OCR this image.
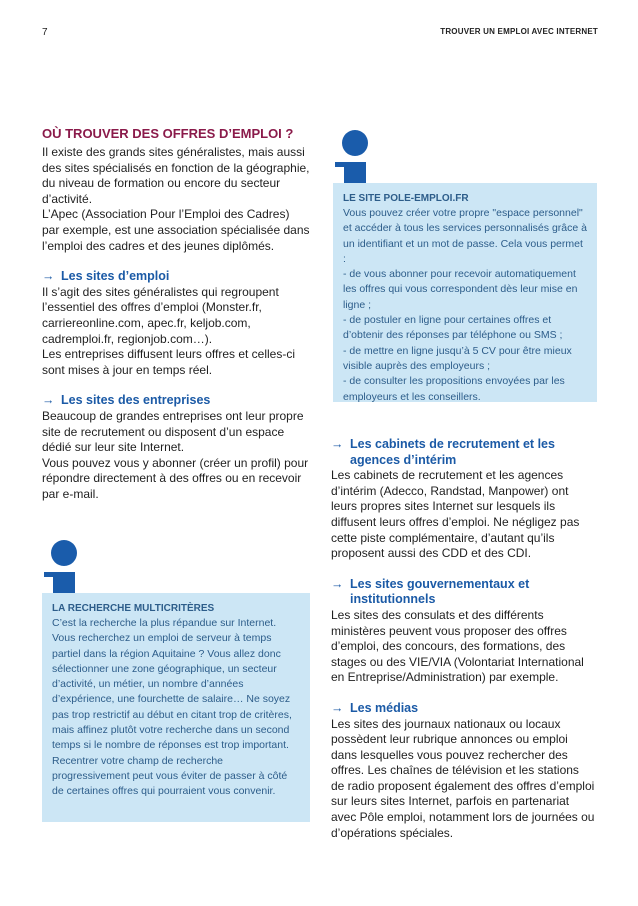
7	TROUVER UN EMPLOI AVEC INTERNET

OÙ TROUVER DES OFFRES D’EMPLOI ?

Il existe des grands sites généralistes, mais aussi des sites spécialisés en fonction de la géographie, du niveau de formation ou encore du secteur d’activité.

L’Apec (Association Pour l’Emploi des Cadres) par exemple, est une association spécialisée dans l’emploi des cadres et des jeunes diplômés.

→ Les sites d’emploi

Il s’agit des sites généralistes qui regroupent l’essentiel des offres d’emploi (Monster.fr, carriereonline.com, apec.fr, keljob.com, cadremploi.fr, regionjob.com…).

Les entreprises diffusent leurs offres et celles-ci sont mises à jour en temps réel.

→ Les sites des entreprises

Beaucoup de grandes entreprises ont leur propre site de recrutement ou disposent d’un espace dédié sur leur site Internet.

Vous pouvez vous y abonner (créer un profil) pour répondre directement à des offres ou en recevoir par e-mail.

LA RECHERCHE MULTICRITÈRES

C’est la recherche la plus répandue sur Internet. Vous recherchez un emploi de serveur à temps partiel dans la région Aquitaine ? Vous allez donc sélectionner une zone géographique, un secteur d’activité, un métier, un nombre d’années d’expérience, une fourchette de salaire… Ne soyez pas trop restrictif au début en citant trop de critères, mais affinez plutôt votre recherche dans un second temps si le nombre de réponses est trop important. Recentrer votre champ de recherche progressivement peut vous éviter de passer à côté de certaines offres qui pourraient vous convenir.

LE SITE POLE-EMPLOI.FR

Vous pouvez créer votre propre "espace personnel" et accéder à tous les services personnalisés grâce à un identifiant et un mot de passe. Cela vous permet :

- de vous abonner pour recevoir automatiquement les offres qui vous correspondent dès leur mise en ligne ;

- de postuler en ligne pour certaines offres et d’obtenir des réponses par téléphone ou SMS ;

- de mettre en ligne jusqu’à 5 CV pour être mieux visible auprès des employeurs ;

- de consulter les propositions envoyées par les employeurs et les conseillers.

→ Les cabinets de recrutement et les agences d’intérim

Les cabinets de recrutement et les agences d’intérim (Adecco, Randstad, Manpower) ont leurs propres sites Internet sur lesquels ils diffusent leurs offres d’emploi. Ne négligez pas cette piste complémentaire, d’autant qu’ils proposent aussi des CDD et des CDI.

→ Les sites gouvernementaux et institutionnels

Les sites des consulats et des différents ministères peuvent vous proposer des offres d’emploi, des concours, des formations, des stages ou des VIE/VIA (Volontariat International en Entreprise/Administration) par exemple.

→ Les médias

Les sites des journaux nationaux ou locaux possèdent leur rubrique annonces ou emploi dans lesquelles vous pouvez rechercher des offres. Les chaînes de télévision et les stations de radio proposent également des offres d’emploi sur leurs sites Internet, parfois en partenariat avec Pôle emploi, notamment lors de journées ou d’opérations spéciales.
